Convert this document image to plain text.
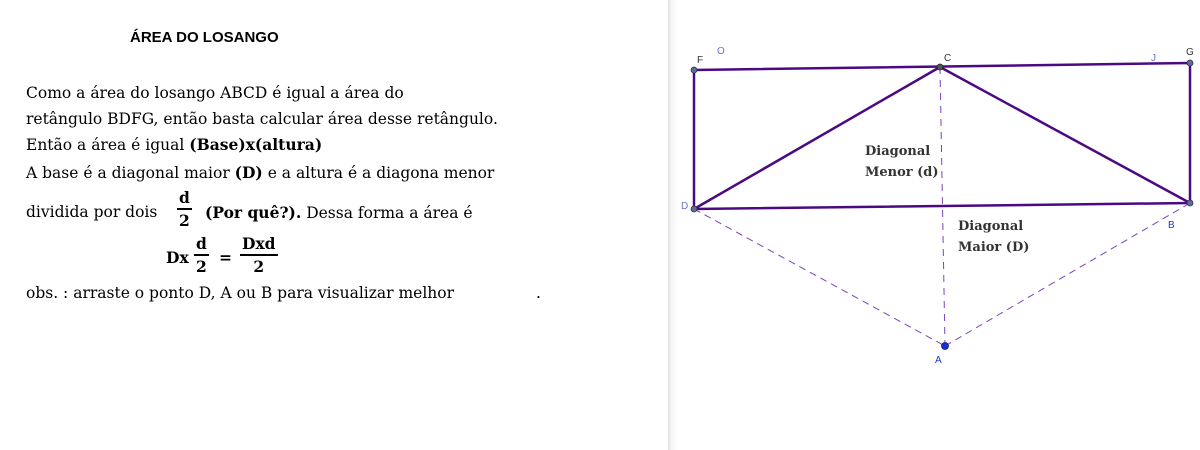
ÁREA DO LOSANGO
Como a área do losango ABCD é igual a área do
retângulo BDFG, então basta calcular área desse retângulo.
Então a área é igual (Base)x(altura)
A base é a diagonal maior (D) e a altura é a diagona menor
dividida por dois
d
2 (Por quê?). Dessa forma a área é
Dx
d
2 =
Dxd
2
obs. : arraste o ponto D, A ou B para visualizar melhor	.
F
O
C	J
G
D
B
A
Diagonal
Menor (d)
Diagonal
Maior (D)
